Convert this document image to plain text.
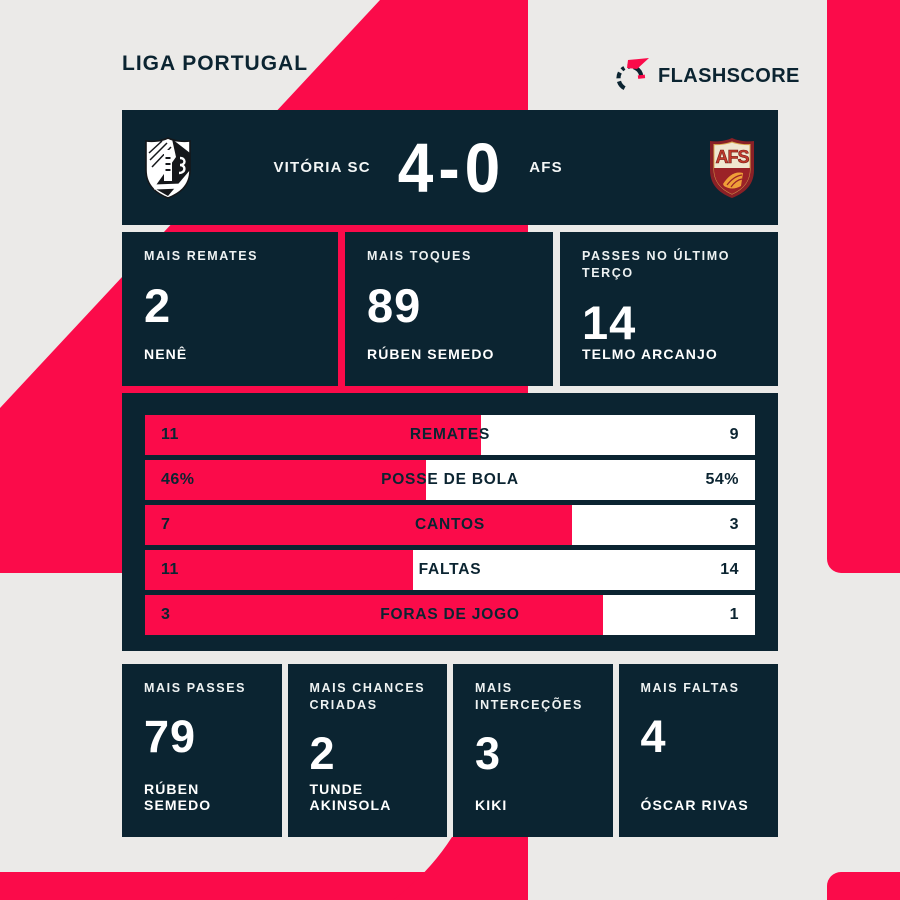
LIGA PORTUGAL
FLASHSCORE
VITÓRIA SC 4-0	AFS
AFS
MAIS REMATES
2
NENÊ
MAIS TOQUES
89
RÚBEN SEMEDO
PASSES NO ÚLTIMO TERÇO
14
TELMO ARCANJO
11	REMATES	9
46%	POSSE DE BOLA	54%
7	CANTOS	3
11	FALTAS	14
3	FORAS DE JOGO	1
MAIS PASSES
79
RÚBEN SEMEDO
MAIS CHANCES CRIADAS
2
TUNDE AKINSOLA
MAIS INTERCEÇÕES
3
KIKI
MAIS FALTAS
4
ÓSCAR RIVAS
